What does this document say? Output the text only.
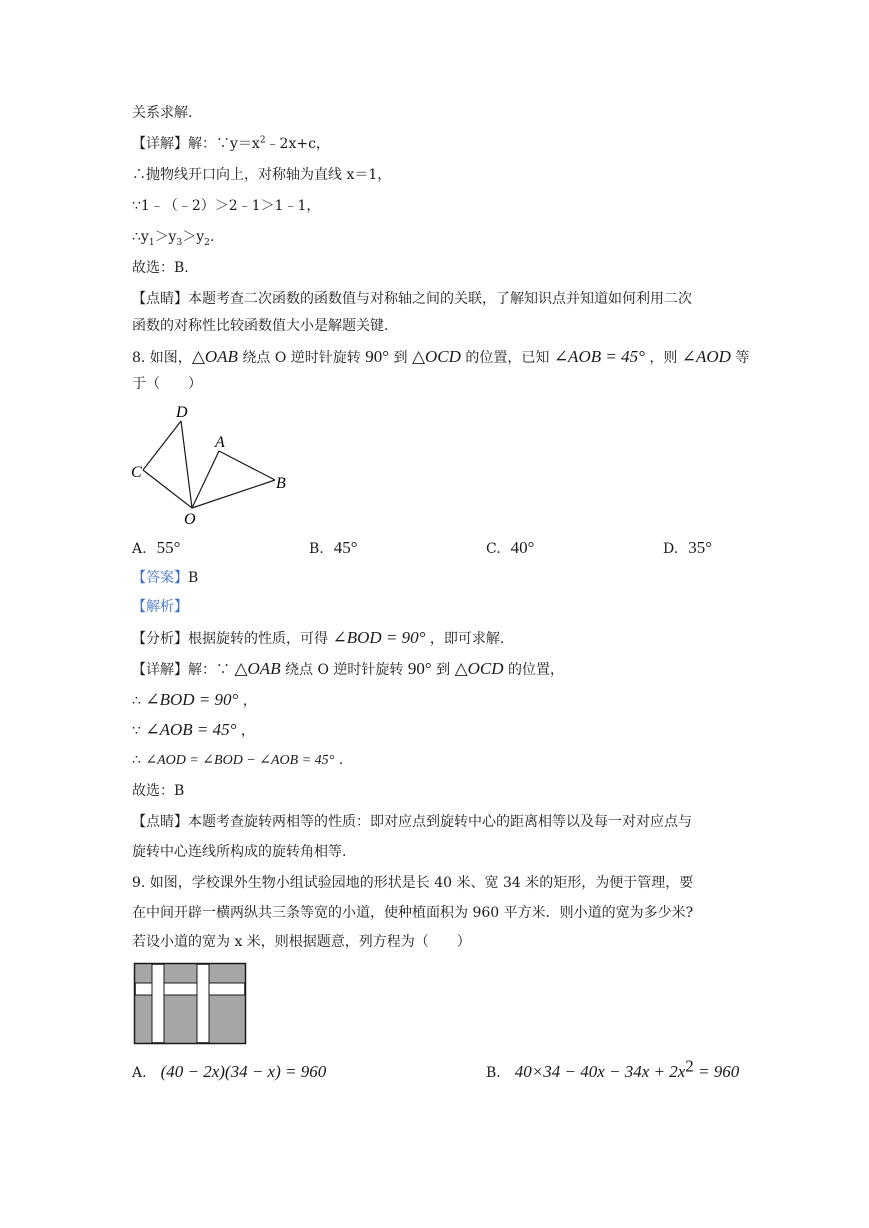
关系求解.
【详解】解：$\because y=x^2﹣2x+c$，
∴抛物线开口向上，对称轴为直线 x＝1，
∵1﹣（﹣2）＞2﹣1＞1﹣1，
$\therefore y_1>y_3>y_2$.
故选：B.
【点睛】本题考查二次函数的函数值与对称轴之间的关联，了解知识点并知道如何利用二次
函数的对称性比较函数值大小是解题关键.
8. 如图，△OAB 绕点 O 逆时针旋转 90° 到 △OCD 的位置，已知 ∠AOB = 45° ，则 ∠AOD 等
于（　　）
D
A
C
B
O
A. 55°	B. 45°	C. 40°	D. 35°
【答案】B
【解析】
【分析】根据旋转的性质，可得 ∠BOD = 90° ，即可求解.
【详解】解：∵ △OAB 绕点 O 逆时针旋转 90° 到 △OCD 的位置，
∴ ∠BOD = 90° ，
∵ ∠AOB = 45° ，
∴ ∠AOD = ∠BOD − ∠AOB = 45° .
故选：B
【点睛】本题考查旋转两相等的性质：即对应点到旋转中心的距离相等以及每一对对应点与
旋转中心连线所构成的旋转角相等.
9. 如图，学校课外生物小组试验园地的形状是长 40 米、宽 34 米的矩形，为便于管理，要
在中间开辟一横两纵共三条等宽的小道，使种植面积为 960 平方米．则小道的宽为多少米?
若设小道的宽为 x 米，则根据题意，列方程为（　　）
A. (40 − 2x)(34 − x) = 960	B. $40\times 34 - 40x - 34x + 2x^2 = 960$
